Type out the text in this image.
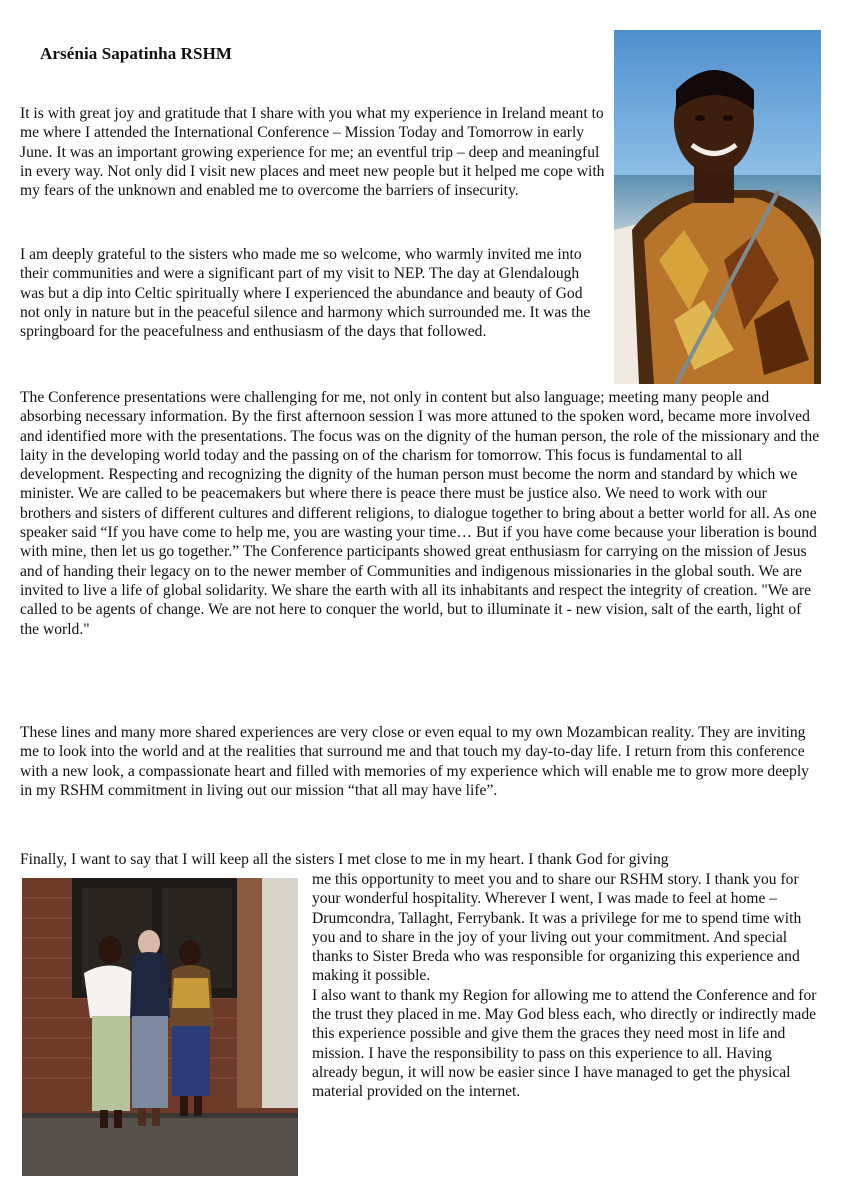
Arsénia Sapatinha RSHM

It is with great joy and gratitude that I share with you what my experience in Ireland meant to me where I attended the International Conference – Mission Today and Tomorrow in early June. It was an important growing experience for me; an eventful trip – deep and meaningful in every way. Not only did I visit new places and meet new people but it helped me cope with my fears of the unknown and enabled me to overcome the barriers of insecurity.

I am deeply grateful to the sisters who made me so welcome, who warmly invited me into their communities and were a significant part of my visit to NEP. The day at Glendalough was but a dip into Celtic spiritually where I experienced the abundance and beauty of God not only in nature but in the peaceful silence and harmony which surrounded me. It was the springboard for the peacefulness and enthusiasm of the days that followed.

The Conference presentations were challenging for me, not only in content but also language; meeting many people and absorbing necessary information. By the first afternoon session I was more attuned to the spoken word, became more involved and identified more with the presentations. The focus was on the dignity of the human person, the role of the missionary and the laity in the developing world today and the passing on of the charism for tomorrow. This focus is fundamental to all development. Respecting and recognizing the dignity of the human person must become the norm and standard by which we minister. We are called to be peacemakers but where there is peace there must be justice also. We need to work with our brothers and sisters of different cultures and different religions, to dialogue together to bring about a better world for all. As one speaker said “If you have come to help me, you are wasting your time… But if you have come because your liberation is bound with mine, then let us go together.” The Conference participants showed great enthusiasm for carrying on the mission of Jesus and of handing their legacy on to the newer member of Communities and indigenous missionaries in the global south. We are invited to live a life of global solidarity. We share the earth with all its inhabitants and respect the integrity of creation. "We are called to be agents of change. We are not here to conquer the world, but to illuminate it - new vision, salt of the earth, light of the world."

These lines and many more shared experiences are very close or even equal to my own Mozambican reality. They are inviting me to look into the world and at the realities that surround me and that touch my day-to-day life. I return from this conference with a new look, a compassionate heart and filled with memories of my experience which will enable me to grow more deeply in my RSHM commitment in living out our mission “that all may have life”.

Finally, I want to say that I will keep all the sisters I met close to me in my heart. I thank God for giving

me this opportunity to meet you and to share our RSHM story. I thank you for your wonderful hospitality. Wherever I went, I was made to feel at home – Drumcondra, Tallaght, Ferrybank. It was a privilege for me to spend time with you and to share in the joy of your living out your commitment. And special thanks to Sister Breda who was responsible for organizing this experience and making it possible.
I also want to thank my Region for allowing me to attend the Conference and for the trust they placed in me. May God bless each, who directly or indirectly made this experience possible and give them the graces they need most in life and mission. I have the responsibility to pass on this experience to all. Having already begun, it will now be easier since I have managed to get the physical material provided on the internet.
